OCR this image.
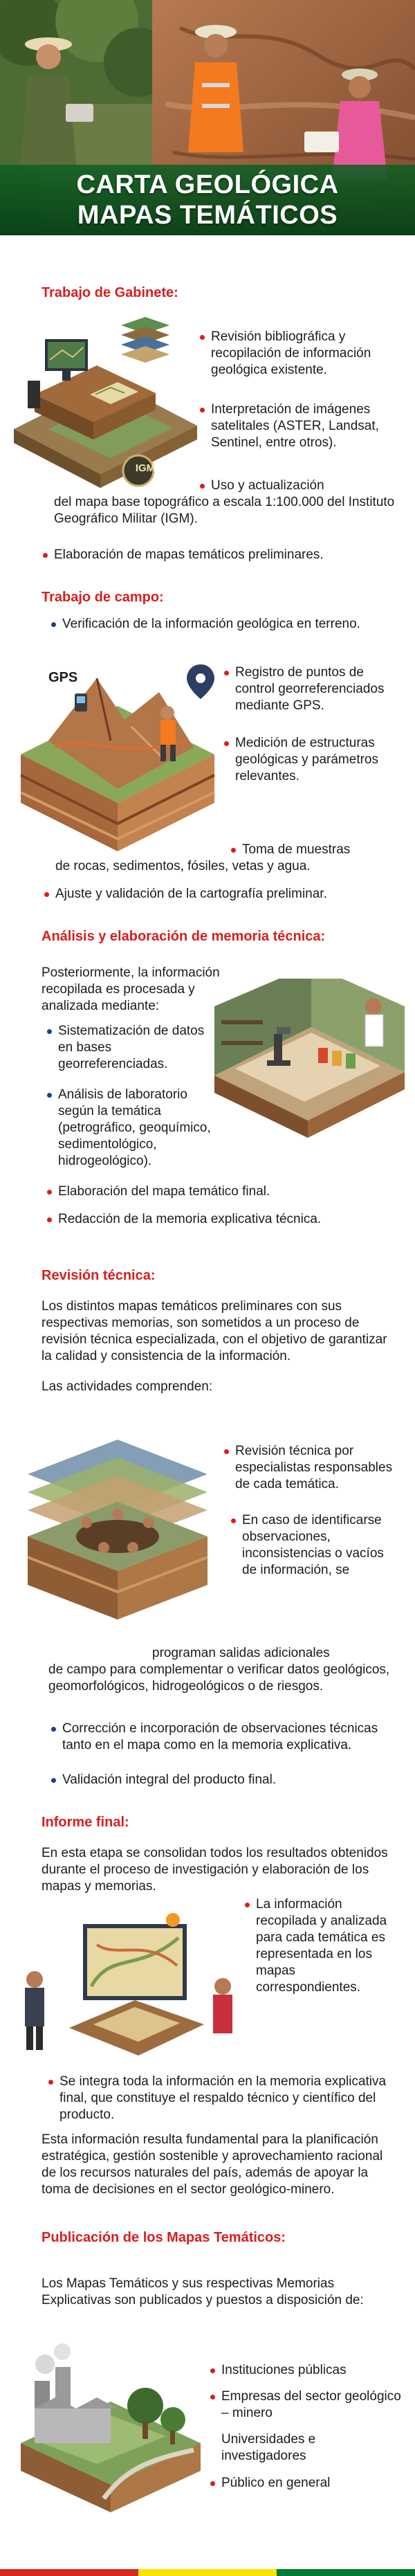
CARTA GEOLÓGICA
MAPAS TEMÁTICOS
Trabajo de Gabinete:
IGM
Revisión bibliográfica y recopilación de información geológica existente.
Interpretación de imágenes satelitales (ASTER, Landsat, Sentinel, entre otros).
Uso y actualización
del mapa base topográfico a escala 1:100.000 del Instituto Geográfico Militar (IGM).
Elaboración de mapas temáticos preliminares.
Trabajo de campo:
Verificación de la información geológica en terreno.
GPS	Registro de puntos de control georreferenciados mediante GPS.
Medición de estructuras geológicas y parámetros relevantes.
Toma de muestras
de rocas, sedimentos, fósiles, vetas y agua.
Ajuste y validación de la cartografía preliminar.
Análisis y elaboración de memoria técnica:
Posteriormente, la información recopilada es procesada y analizada mediante:
Sistematización de datos en bases georreferenciadas.
Análisis de laboratorio según la temática (petrográfico, geoquímico, sedimentológico, hidrogeológico).
Elaboración del mapa temático final.
Redacción de la memoria explicativa técnica.
Revisión técnica:
Los distintos mapas temáticos preliminares con sus respectivas memorias, son sometidos a un proceso de revisión técnica especializada, con el objetivo de garantizar la calidad y consistencia de la información.
Las actividades comprenden:
Revisión técnica por especialistas responsables de cada temática.
En caso de identificarse observaciones, inconsistencias o vacíos de información, se
programan salidas adicionales
de campo para complementar o verificar datos geológicos, geomorfológicos, hidrogeológicos o de riesgos.
Corrección e incorporación de observaciones técnicas tanto en el mapa como en la memoria explicativa.
Validación integral del producto final.
Informe final:
En esta etapa se consolidan todos los resultados obtenidos durante el proceso de investigación y elaboración de los mapas y memorias.
La información recopilada y analizada para cada temática es representada en los mapas correspondientes.
Se integra toda la información en la memoria explicativa final, que constituye el respaldo técnico y científico del producto.
Esta información resulta fundamental para la planificación estratégica, gestión sostenible y aprovechamiento racional de los recursos naturales del país, además de apoyar la toma de decisiones en el sector geológico-minero.
Publicación de los Mapas Temáticos:
Los Mapas Temáticos y sus respectivas Memorias Explicativas son publicados y puestos a disposición de:
Instituciones públicas
Empresas del sector geológico – minero
Universidades e investigadores
Público en general
